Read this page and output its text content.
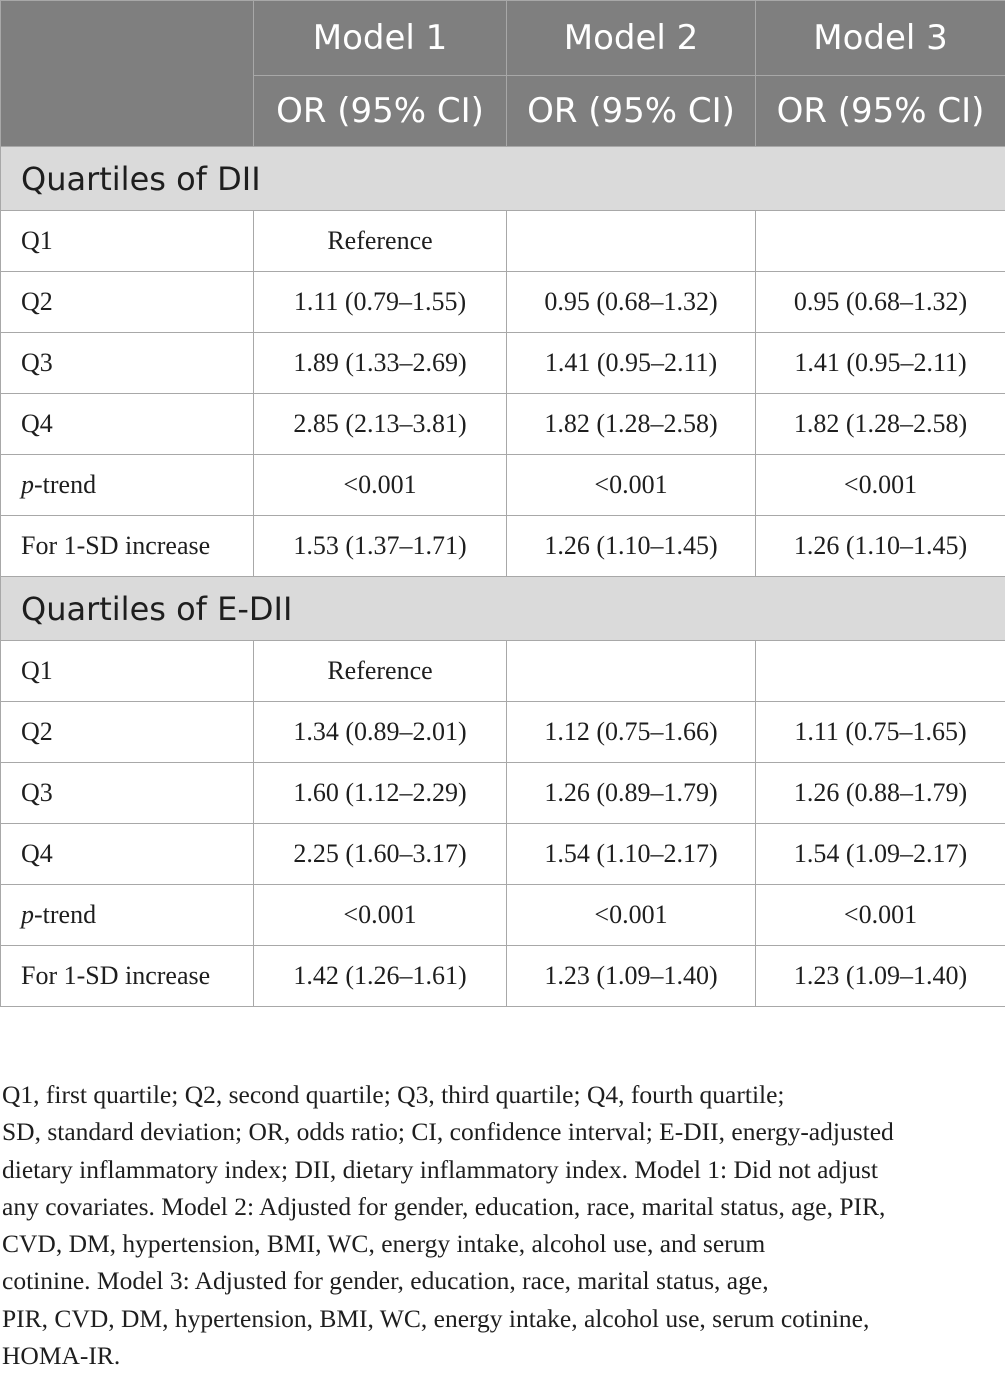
	Model 1	Model 2	Model 3
	OR (95% CI)	OR (95% CI)	OR (95% CI)
Quartiles of DII			
Q1	Reference		
Q2	1.11 (0.79–1.55)	0.95 (0.68–1.32)	0.95 (0.68–1.32)
Q3	1.89 (1.33–2.69)	1.41 (0.95–2.11)	1.41 (0.95–2.11)
Q4	2.85 (2.13–3.81)	1.82 (1.28–2.58)	1.82 (1.28–2.58)
p-trend	<0.001	<0.001	<0.001
For 1-SD increase	1.53 (1.37–1.71)	1.26 (1.10–1.45)	1.26 (1.10–1.45)
Quartiles of E-DII			
Q1	Reference		
Q2	1.34 (0.89–2.01)	1.12 (0.75–1.66)	1.11 (0.75–1.65)
Q3	1.60 (1.12–2.29)	1.26 (0.89–1.79)	1.26 (0.88–1.79)
Q4	2.25 (1.60–3.17)	1.54 (1.10–2.17)	1.54 (1.09–2.17)
p-trend	<0.001	<0.001	<0.001
For 1-SD increase	1.42 (1.26–1.61)	1.23 (1.09–1.40)	1.23 (1.09–1.40)

Q1, first quartile; Q2, second quartile; Q3, third quartile; Q4, fourth quartile;
SD, standard deviation; OR, odds ratio; CI, confidence interval; E-DII, energy-adjusted
dietary inflammatory index; DII, dietary inflammatory index. Model 1: Did not adjust
any covariates. Model 2: Adjusted for gender, education, race, marital status, age, PIR,
CVD, DM, hypertension, BMI, WC, energy intake, alcohol use, and serum
cotinine. Model 3: Adjusted for gender, education, race, marital status, age,
PIR, CVD, DM, hypertension, BMI, WC, energy intake, alcohol use, serum cotinine,
HOMA-IR.
